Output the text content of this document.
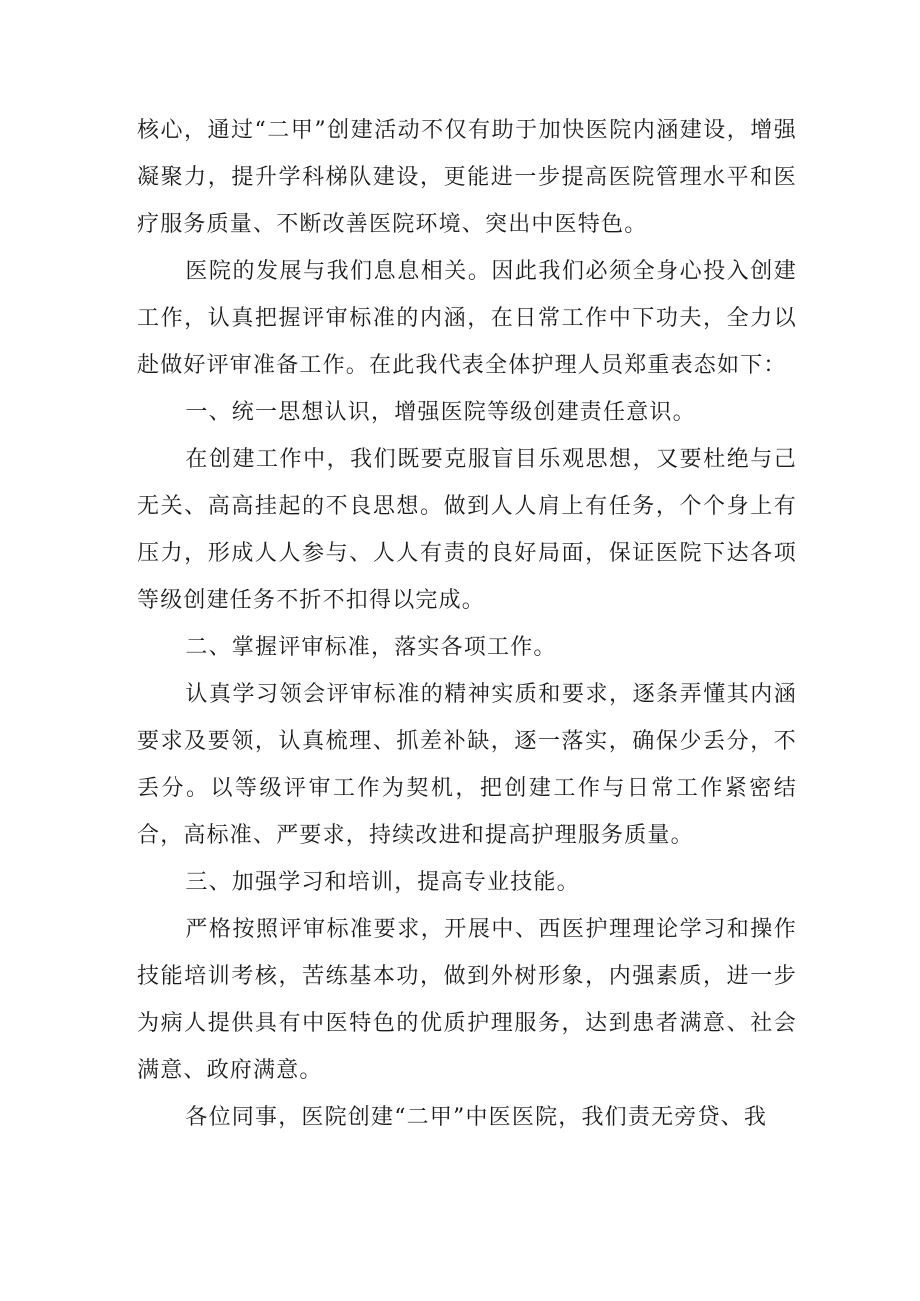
核心，通过“二甲”创建活动不仅有助于加快医院内涵建设，增强凝聚力，提升学科梯队建设，更能进一步提高医院管理水平和医疗服务质量、不断改善医院环境、突出中医特色。

医院的发展与我们息息相关。因此我们必须全身心投入创建工作，认真把握评审标准的内涵，在日常工作中下功夫，全力以赴做好评审准备工作。在此我代表全体护理人员郑重表态如下：

一、统一思想认识，增强医院等级创建责任意识。

在创建工作中，我们既要克服盲目乐观思想，又要杜绝与己无关、高高挂起的不良思想。做到人人肩上有任务，个个身上有压力，形成人人参与、人人有责的良好局面，保证医院下达各项等级创建任务不折不扣得以完成。

二、掌握评审标准，落实各项工作。

认真学习领会评审标准的精神实质和要求，逐条弄懂其内涵要求及要领，认真梳理、抓差补缺，逐一落实，确保少丢分，不丢分。以等级评审工作为契机，把创建工作与日常工作紧密结合，高标准、严要求，持续改进和提高护理服务质量。

三、加强学习和培训，提高专业技能。

严格按照评审标准要求，开展中、西医护理理论学习和操作技能培训考核，苦练基本功，做到外树形象，内强素质，进一步为病人提供具有中医特色的优质护理服务，达到患者满意、社会满意、政府满意。

各位同事，医院创建“二甲”中医医院，我们责无旁贷、我
